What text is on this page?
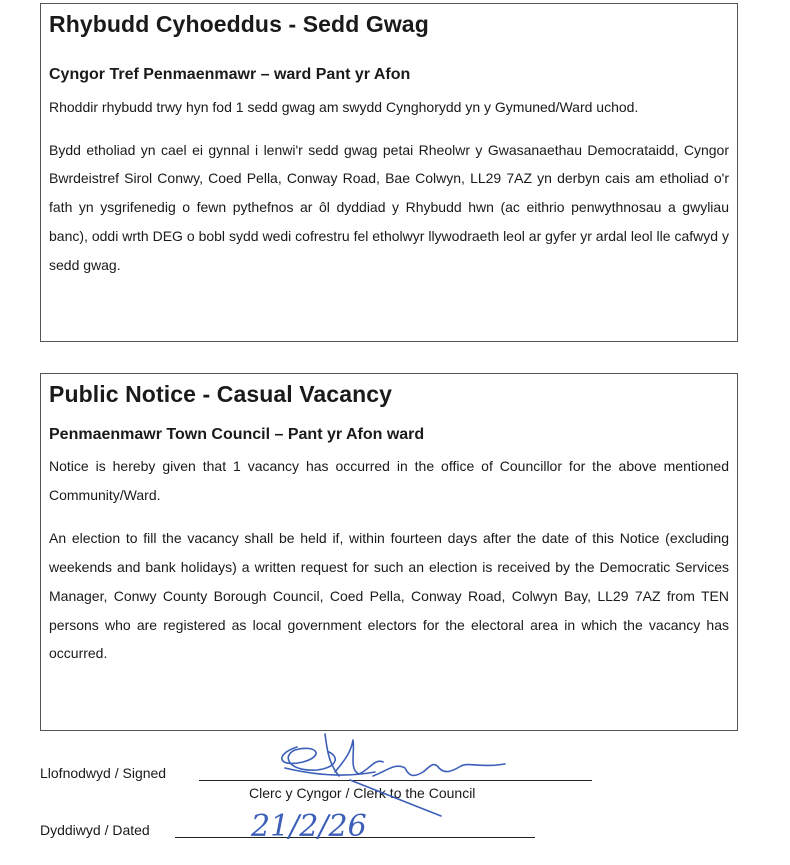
Rhybudd Cyhoeddus - Sedd Gwag
Cyngor Tref Penmaenmawr – ward Pant yr Afon

Rhoddir rhybudd trwy hyn fod 1 sedd gwag am swydd Cynghorydd yn y Gymuned/Ward uchod.

Bydd etholiad yn cael ei gynnal i lenwi'r sedd gwag petai Rheolwr y Gwasanaethau Democrataidd, Cyngor Bwrdeistref Sirol Conwy, Coed Pella, Conway Road, Bae Colwyn, LL29 7AZ yn derbyn cais am etholiad o'r fath yn ysgrifenedig o fewn pythefnos ar ôl dyddiad y Rhybudd hwn (ac eithrio penwythnosau a gwyliau banc), oddi wrth DEG o bobl sydd wedi cofrestru fel etholwyr llywodraeth leol ar gyfer yr ardal leol lle cafwyd y sedd gwag.

Public Notice - Casual Vacancy
Penmaenmawr Town Council – Pant yr Afon ward

Notice is hereby given that 1 vacancy has occurred in the office of Councillor for the above mentioned Community/Ward.

An election to fill the vacancy shall be held if, within fourteen days after the date of this Notice (excluding weekends and bank holidays) a written request for such an election is received by the Democratic Services Manager, Conwy County Borough Council, Coed Pella, Conway Road, Colwyn Bay, LL29 7AZ from TEN persons who are registered as local government electors for the electoral area in which the vacancy has occurred.

Llofnodwyd / Signed
Clerc y Cyngor / Clerk to the Council
Dyddiwyd / Dated	21/2/26
